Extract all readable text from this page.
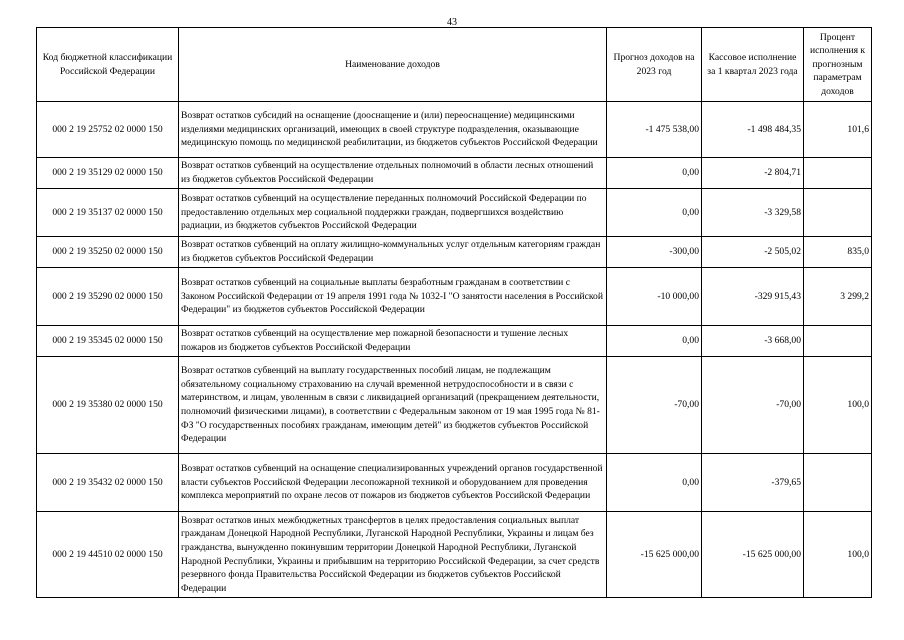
43
Код бюджетной классификации Российской Федерации	Наименование доходов	Прогноз доходов на 2023 год	Кассовое исполнение за 1 квартал 2023 года	Процент исполнения к прогнозным параметрам доходов
000 2 19 25752 02 0000 150	Возврат остатков субсидий на оснащение (дооснащение и (или) переоснащение) медицинскими изделиями медицинских организаций, имеющих в своей структуре подразделения, оказывающие медицинскую помощь по медицинской реабилитации, из бюджетов субъектов Российской Федерации	-1 475 538,00	-1 498 484,35	101,6
000 2 19 35129 02 0000 150	Возврат остатков субвенций на осуществление отдельных полномочий в области лесных отношений из бюджетов субъектов Российской Федерации	0,00	-2 804,71	
000 2 19 35137 02 0000 150	Возврат остатков субвенций на осуществление переданных полномочий Российской Федерации по предоставлению отдельных мер социальной поддержки граждан, подвергшихся воздействию радиации, из бюджетов субъектов Российской Федерации	0,00	-3 329,58	
000 2 19 35250 02 0000 150	Возврат остатков субвенций на оплату жилищно-коммунальных услуг отдельным категориям граждан из бюджетов субъектов Российской Федерации	-300,00	-2 505,02	835,0
000 2 19 35290 02 0000 150	Возврат остатков субвенций на социальные выплаты безработным гражданам в соответствии с Законом Российской Федерации от 19 апреля 1991 года № 1032-I "О занятости населения в Российской Федерации" из бюджетов субъектов Российской Федерации	-10 000,00	-329 915,43	3 299,2
000 2 19 35345 02 0000 150	Возврат остатков субвенций на осуществление мер пожарной безопасности и тушение лесных пожаров из бюджетов субъектов Российской Федерации	0,00	-3 668,00	
000 2 19 35380 02 0000 150	Возврат остатков субвенций на выплату государственных пособий лицам, не подлежащим обязательному социальному страхованию на случай временной нетрудоспособности и в связи с материнством, и лицам, уволенным в связи с ликвидацией организаций (прекращением деятельности, полномочий физическими лицами), в соответствии с Федеральным законом от 19 мая 1995 года № 81-ФЗ "О государственных пособиях гражданам, имеющим детей" из бюджетов субъектов Российской Федерации	-70,00	-70,00	100,0
000 2 19 35432 02 0000 150	Возврат остатков субвенций на оснащение специализированных учреждений органов государственной власти субъектов Российской Федерации лесопожарной техникой и оборудованием для проведения комплекса мероприятий по охране лесов от пожаров из бюджетов субъектов Российской Федерации	0,00	-379,65	
000 2 19 44510 02 0000 150	Возврат остатков иных межбюджетных трансфертов в целях предоставления социальных выплат гражданам Донецкой Народной Республики, Луганской Народной Республики, Украины и лицам без гражданства, вынужденно покинувшим территории Донецкой Народной Республики, Луганской Народной Республики, Украины и прибывшим на территорию Российской Федерации, за счет средств резервного фонда Правительства Российской Федерации из бюджетов субъектов Российской Федерации	-15 625 000,00	-15 625 000,00	100,0
